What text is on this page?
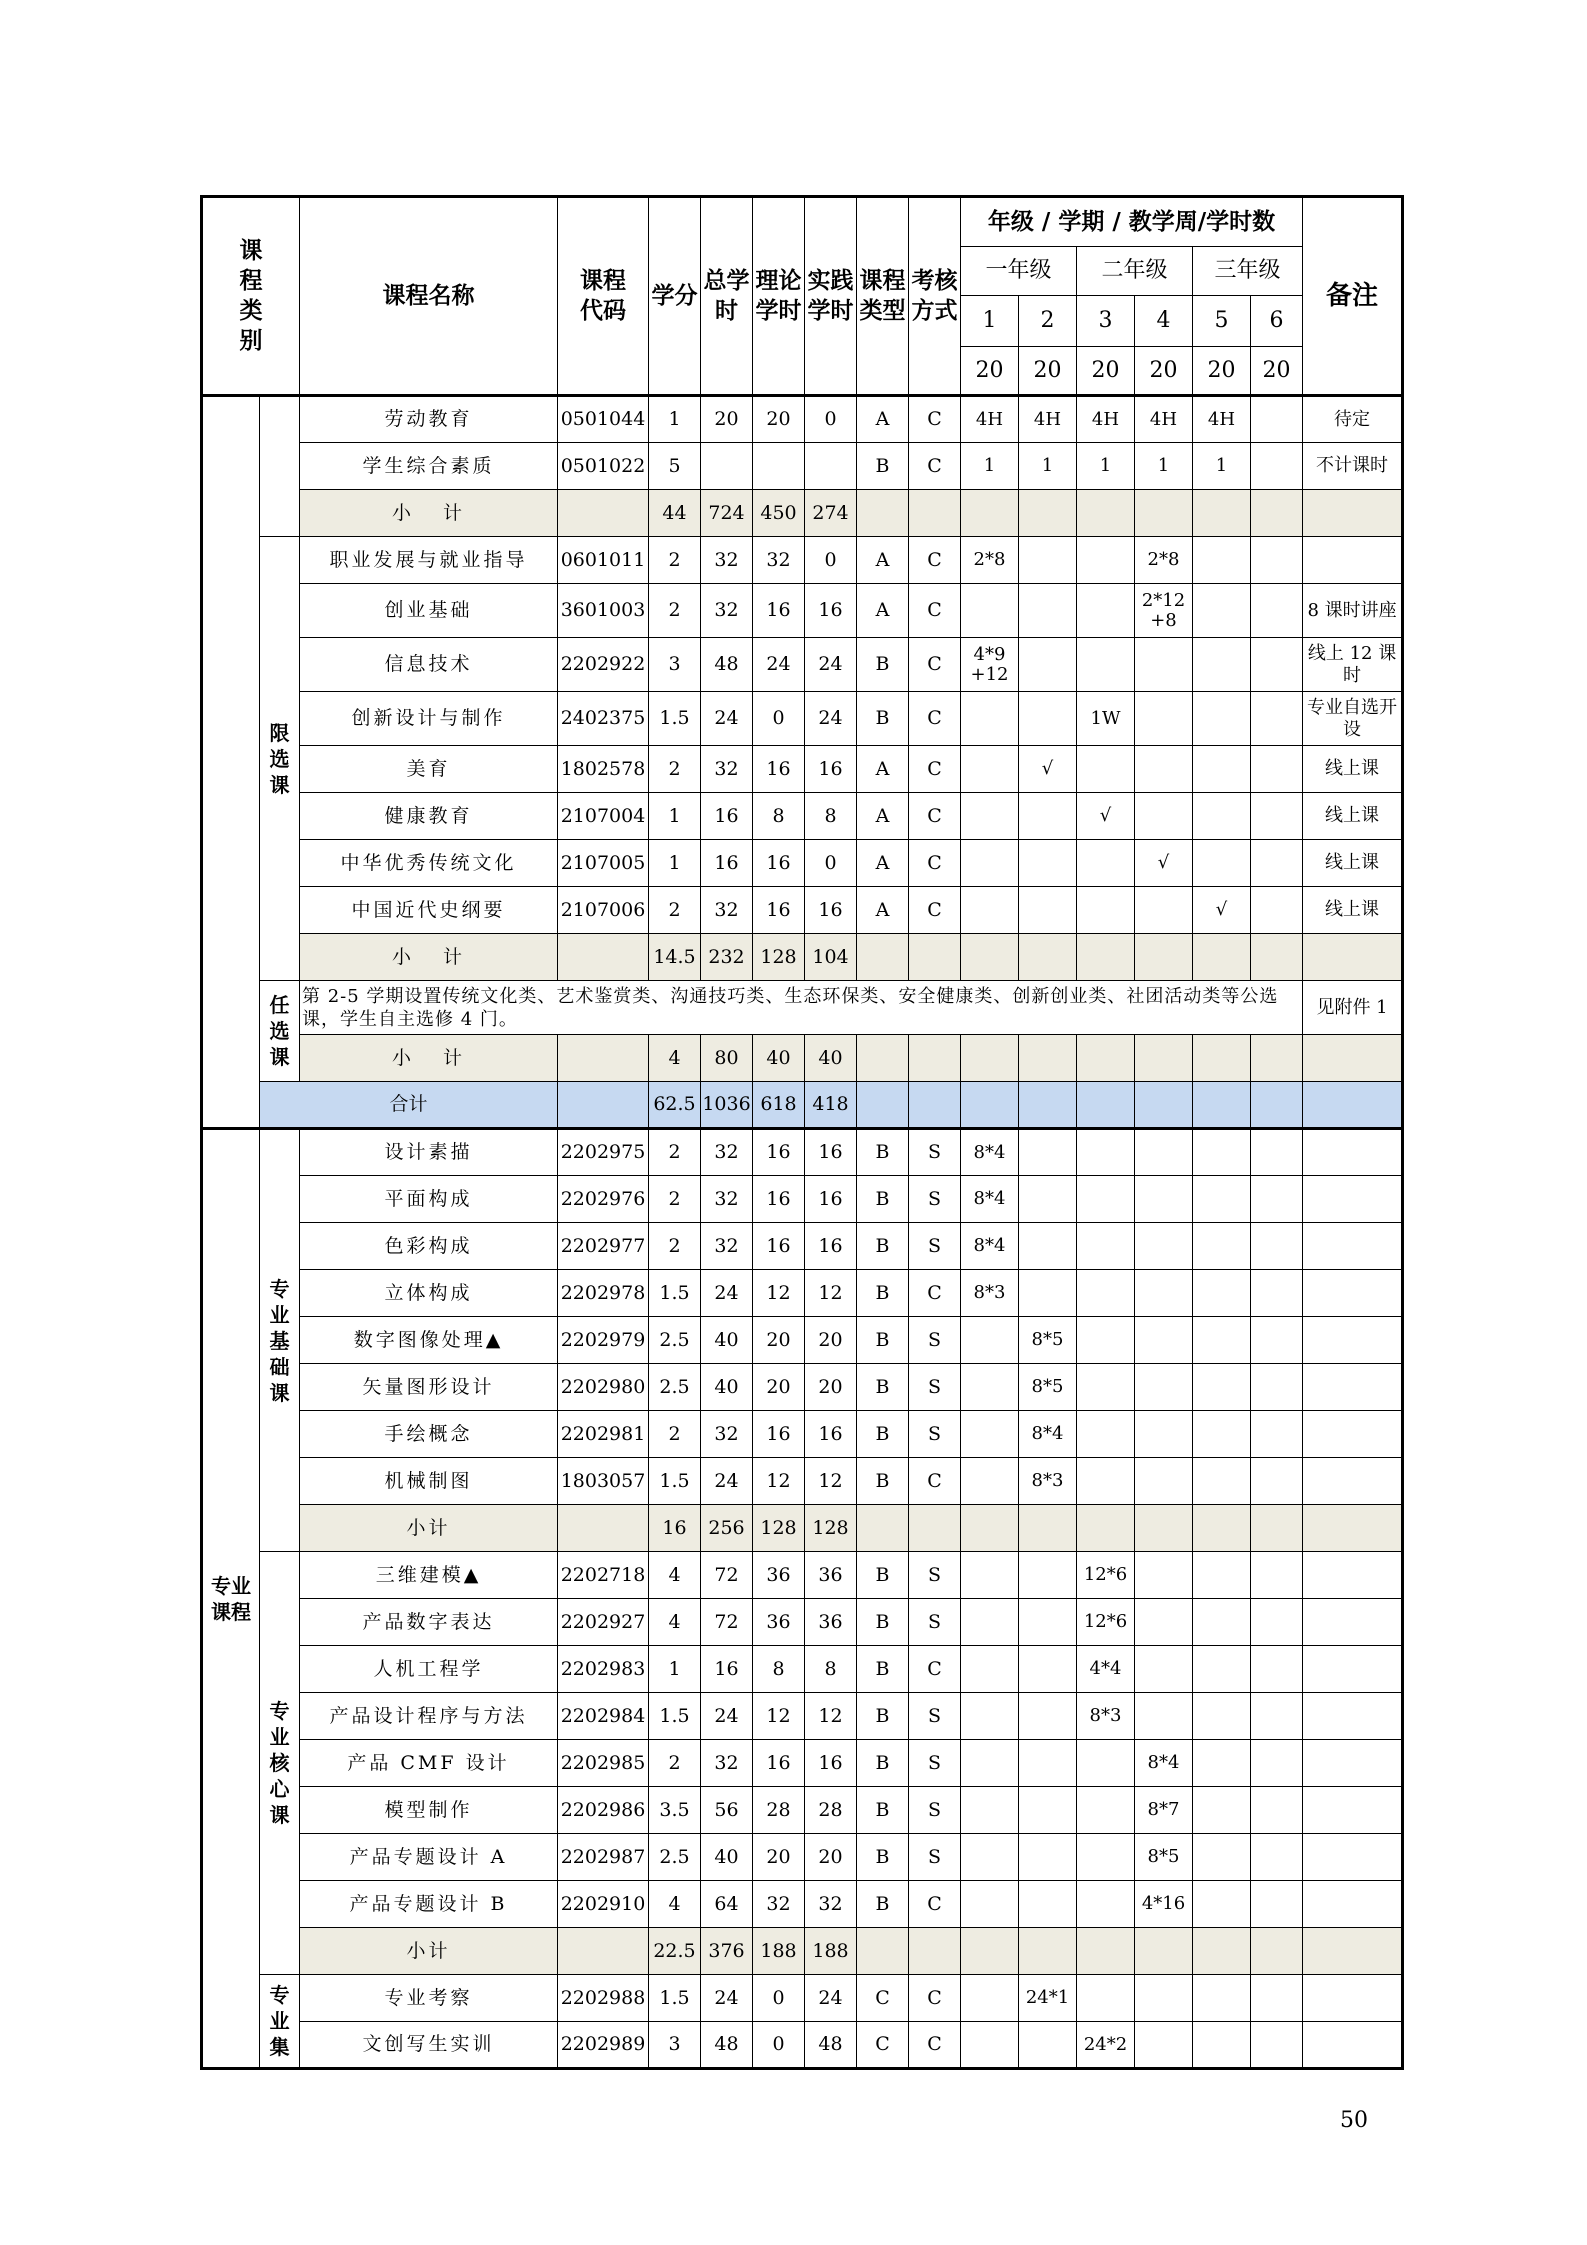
课程类别		课程名称	课程代码	学分	总学时	理论学时	实践学时	课程类型	考核方式	年级 / 学期 / 教学周/学时数						备注
										一年级		二年级		三年级		
										1	2	3	4	5	6	
										20	20	20	20	20	20	
		劳动教育	0501044	1	20	20	0	A	C	4H	4H	4H	4H	4H		待定
		学生综合素质	0501022	5				B	C	1	1	1	1	1		不计课时
		小 计		44	724	450	274									
	限选课	职业发展与就业指导	0601011	2	32	32	0	A	C	2*8			2*8			
		创业基础	3601003	2	32	16	16	A	C				2*12 +8			8 课时讲座
		信息技术	2202922	3	48	24	24	B	C	4*9 +12						线上 12 课时
		创新设计与制作	2402375	1.5	24	0	24	B	C			1W				专业自选开设
		美育	1802578	2	32	16	16	A	C		√					线上课
		健康教育	2107004	1	16	8	8	A	C			√				线上课
		中华优秀传统文化	2107005	1	16	16	0	A	C				√			线上课
		中国近代史纲要	2107006	2	32	16	16	A	C					√		线上课
		小 计		14.5	232	128	104									
	任选课	第 2-5 学期设置传统文化类、艺术鉴赏类、沟通技巧类、生态环保类、安全健康类、创新创业类、社团活动类等公选课，学生自主选修 4 门。														见附件 1
		小 计		4	80	40	40									
	合计			62.5	1036	618	418									
专业课程	专业基础课	设计素描	2202975	2	32	16	16	B	S	8*4						
		平面构成	2202976	2	32	16	16	B	S	8*4						
		色彩构成	2202977	2	32	16	16	B	S	8*4						
		立体构成	2202978	1.5	24	12	12	B	C	8*3						
		数字图像处理▲	2202979	2.5	40	20	20	B	S		8*5					
		矢量图形设计	2202980	2.5	40	20	20	B	S		8*5					
		手绘概念	2202981	2	32	16	16	B	S		8*4					
		机械制图	1803057	1.5	24	12	12	B	C		8*3					
		小计		16	256	128	128									
	专业核心课	三维建模▲	2202718	4	72	36	36	B	S			12*6				
		产品数字表达	2202927	4	72	36	36	B	S			12*6				
		人机工程学	2202983	1	16	8	8	B	C			4*4				
		产品设计程序与方法	2202984	1.5	24	12	12	B	S			8*3				
		产品 CMF 设计	2202985	2	32	16	16	B	S				8*4			
		模型制作	2202986	3.5	56	28	28	B	S				8*7			
		产品专题设计 A	2202987	2.5	40	20	20	B	S				8*5			
		产品专题设计 B	2202910	4	64	32	32	B	C				4*16			
		小计		22.5	376	188	188									
	专业集	专业考察	2202988	1.5	24	0	24	C	C		24*1					
		文创写生实训	2202989	3	48	0	48	C	C			24*2				
50
